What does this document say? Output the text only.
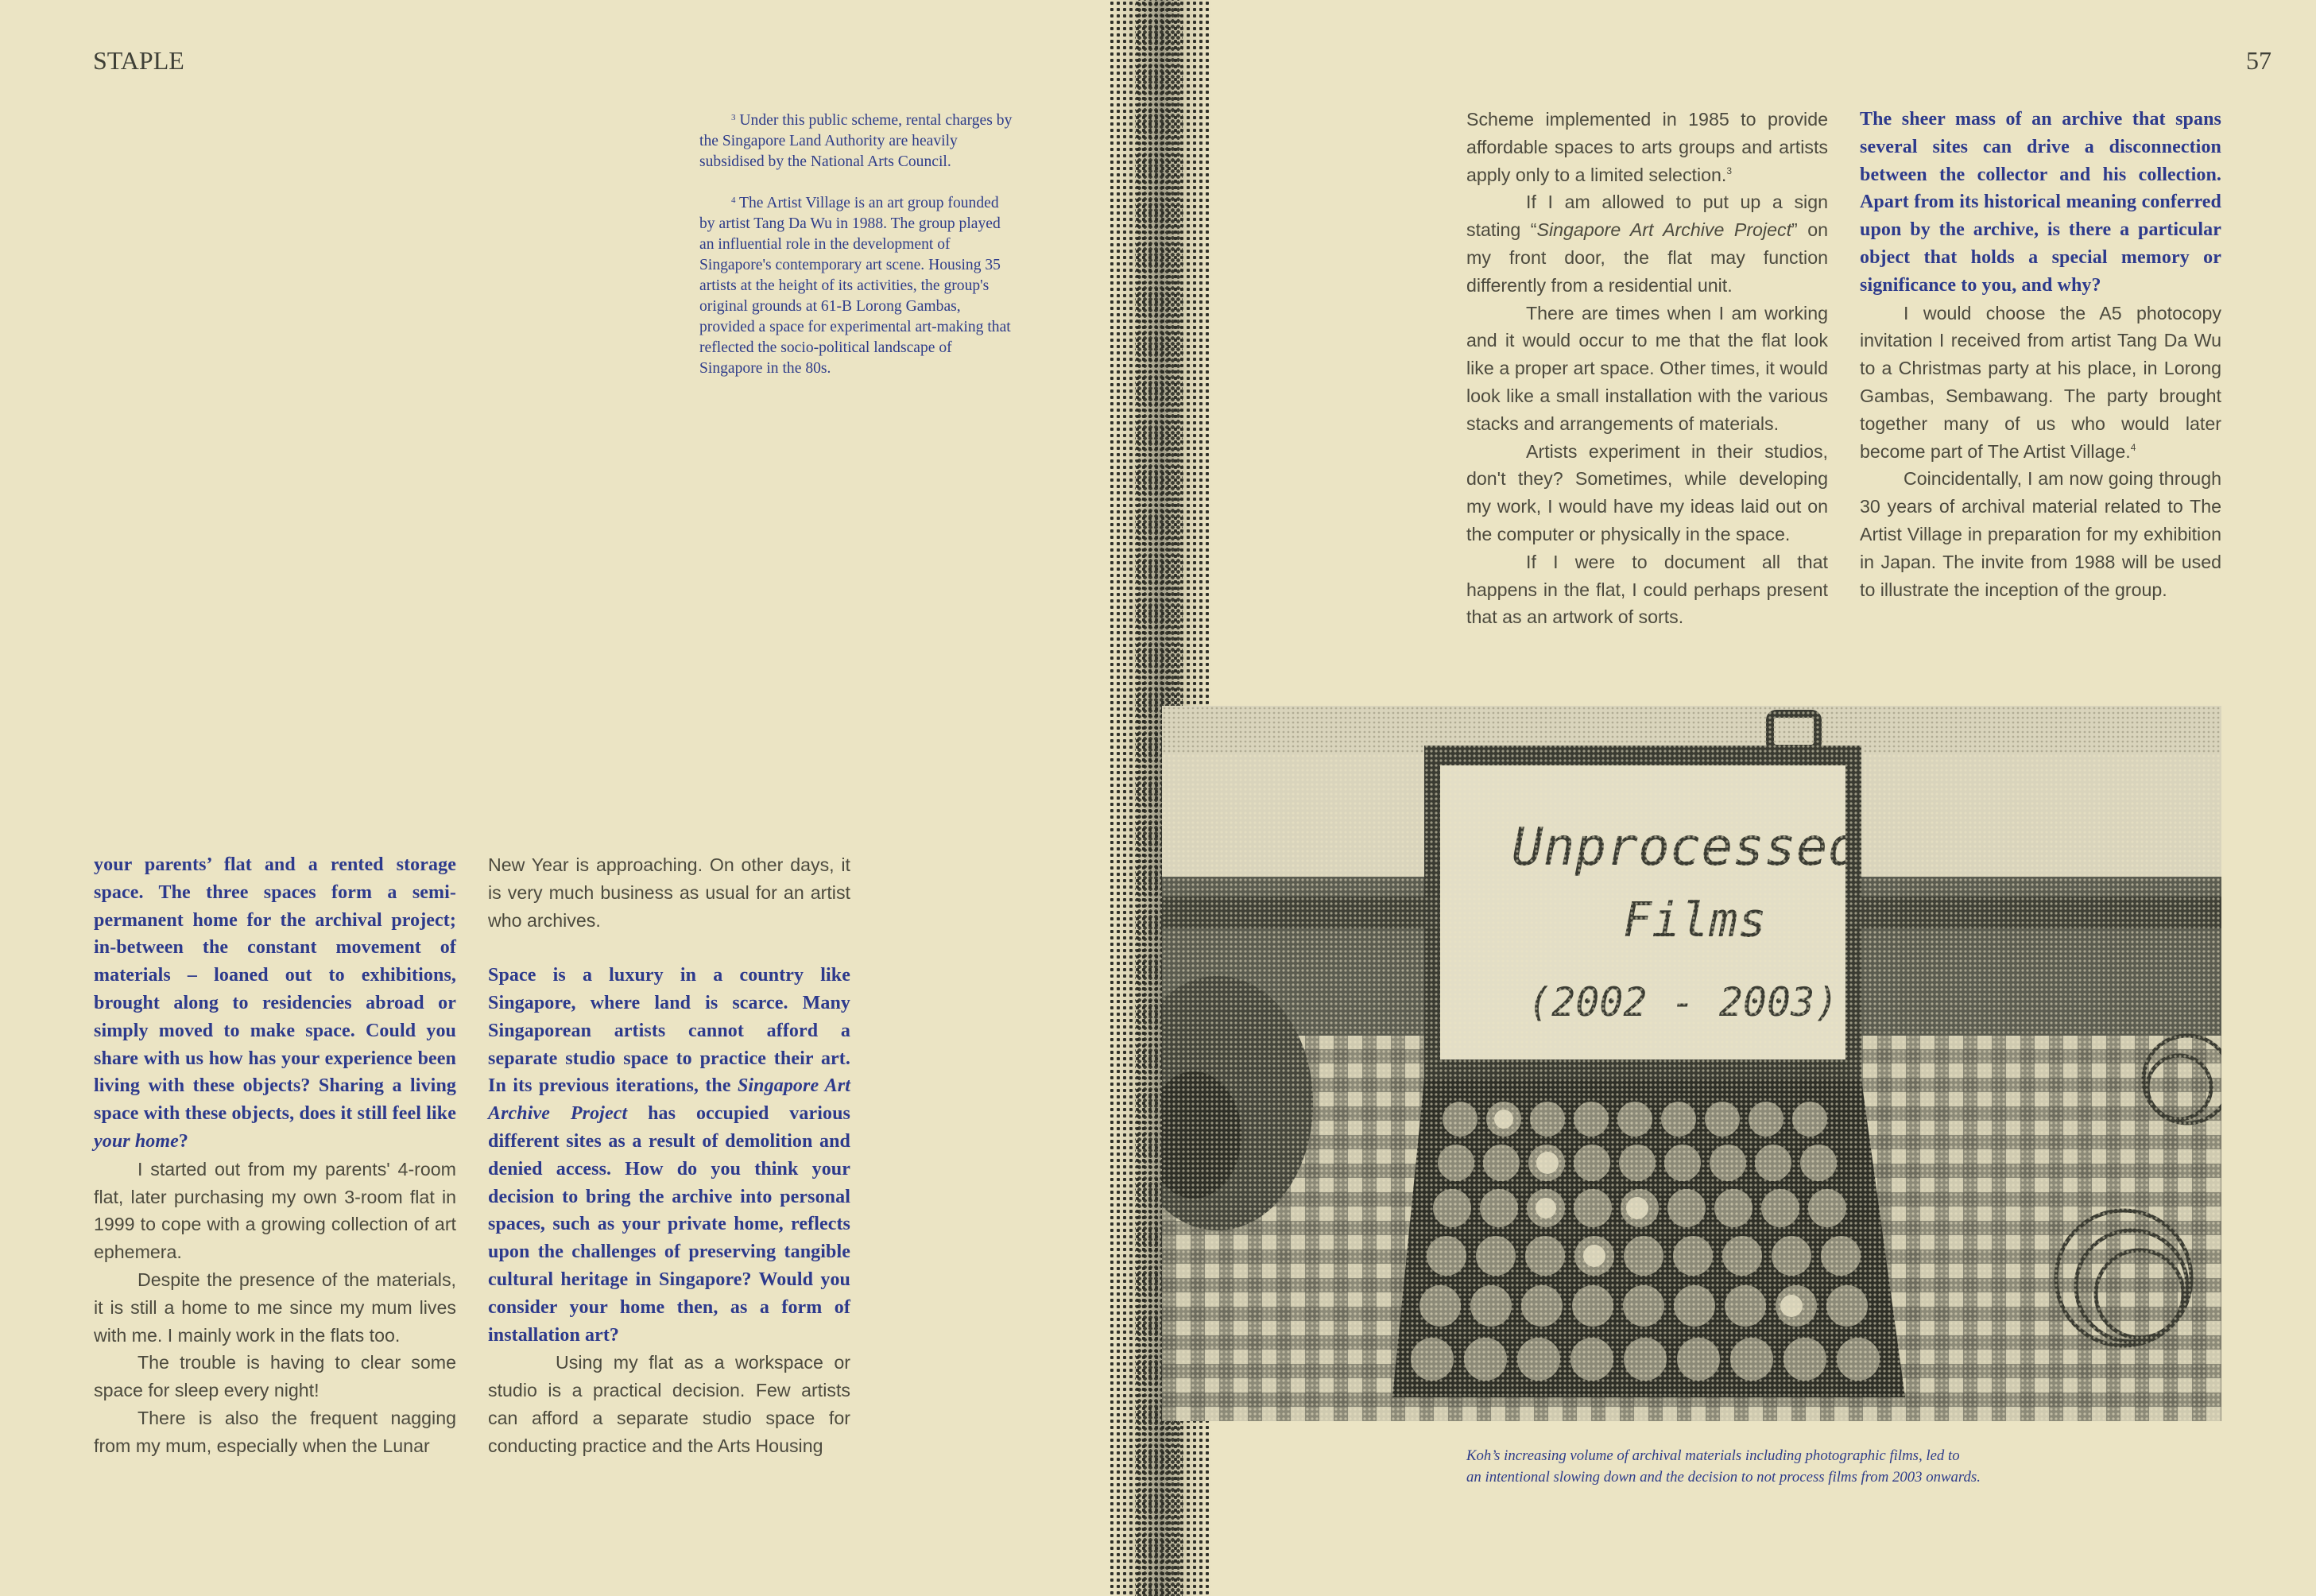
STAPLE	57

$^3$ Under this public scheme, rental charges by the Singapore Land Authority are heavily subsidised by the National Arts Council.

$^4$ The Artist Village is an art group founded by artist Tang Da Wu in 1988. The group played an influential role in the development of Singapore's contemporary art scene. Housing 35 artists at the height of its activities, the group's original grounds at 61-B Lorong Gambas, provided a space for experimental art-making that reflected the socio-political landscape of Singapore in the 80s.

your parents’ flat and a rented storage space. The three spaces form a semi-permanent home for the archival project; in-between the constant movement of materials – loaned out to exhibitions, brought along to residencies abroad or simply moved to make space. Could you share with us how has your experience been living with these objects? Sharing a living space with these objects, does it still feel like your home?

I started out from my parents' 4-room flat, later purchasing my own 3-room flat in 1999 to cope with a growing collection of art ephemera.

Despite the presence of the materials, it is still a home to me since my mum lives with me. I mainly work in the flats too.

The trouble is having to clear some space for sleep every night!

There is also the frequent nagging from my mum, especially when the Lunar

New Year is approaching. On other days, it is very much business as usual for an artist who archives.

Space is a luxury in a country like Singapore, where land is scarce. Many Singaporean artists cannot afford a separate studio space to practice their art. In its previous iterations, the Singapore Art Archive Project has occupied various different sites as a result of demolition and denied access. How do you think your decision to bring the archive into personal spaces, such as your private home, reflects upon the challenges of preserving tangible cultural heritage in Singapore? Would you consider your home then, as a form of installation art?

Using my flat as a workspace or studio is a practical decision. Few artists can afford a separate studio space for conducting practice and the Arts Housing

Scheme implemented in 1985 to provide affordable spaces to arts groups and artists apply only to a limited selection.$^3$

If I am allowed to put up a sign stating “Singapore Art Archive Project” on my front door, the flat may function differently from a residential unit.

There are times when I am working and it would occur to me that the flat look like a proper art space. Other times, it would look like a small installation with the various stacks and arrangements of materials.

Artists experiment in their studios, don't they? Sometimes, while developing my work, I would have my ideas laid out on the computer or physically in the space.

If I were to document all that happens in the flat, I could perhaps present that as an artwork of sorts.

The sheer mass of an archive that spans several sites can drive a disconnection between the collector and his collection. Apart from its historical meaning conferred upon by the archive, is there a particular object that holds a special memory or significance to you, and why?

I would choose the A5 photocopy invitation I received from artist Tang Da Wu to a Christmas party at his place, in Lorong Gambas, Sembawang. The party brought together many of us who would later become part of The Artist Village.$^4$

Coincidentally, I am now going through 30 years of archival material related to The Artist Village in preparation for my exhibition in Japan. The invite from 1988 will be used to illustrate the inception of the group.

Koh’s increasing volume of archival materials including photographic films, led to

an intentional slowing down and the decision to not process films from 2003 onwards.
